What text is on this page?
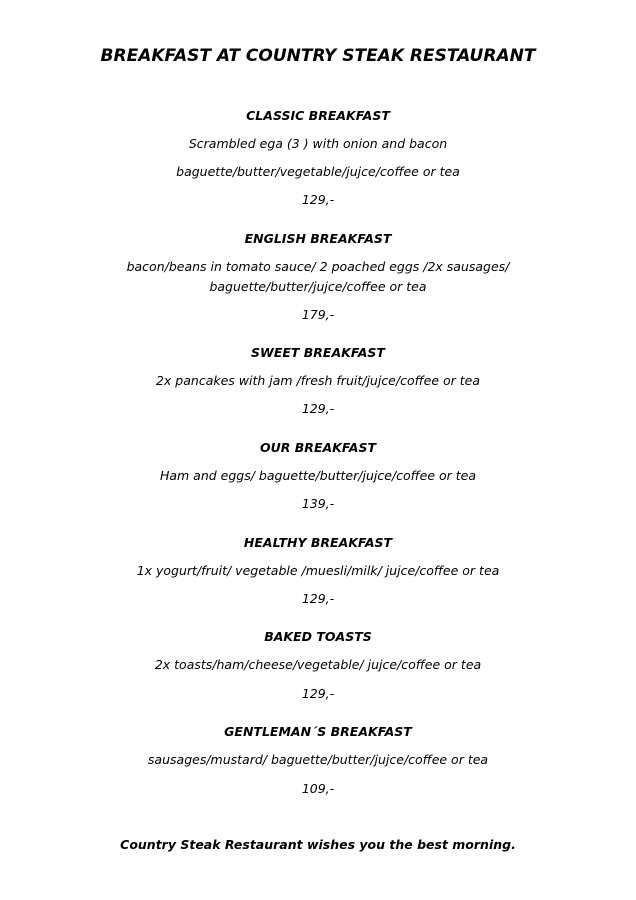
BREAKFAST AT COUNTRY STEAK RESTAURANT
CLASSIC BREAKFAST
Scrambled ega (3 ) with onion and bacon
baguette/butter/vegetable/jujce/coffee or tea
129,-
ENGLISH BREAKFAST
bacon/beans in tomato sauce/ 2 poached eggs /2x sausages/
baguette/butter/jujce/coffee or tea
179,-
SWEET BREAKFAST
2x pancakes with jam /fresh fruit/jujce/coffee or tea
129,-
OUR BREAKFAST
Ham and eggs/ baguette/butter/jujce/coffee or tea
139,-
HEALTHY BREAKFAST
1x yogurt/fruit/ vegetable /muesli/milk/ jujce/coffee or tea
129,-
BAKED TOASTS
2x toasts/ham/cheese/vegetable/ jujce/coffee or tea
129,-
GENTLEMAN´S BREAKFAST
sausages/mustard/ baguette/butter/jujce/coffee or tea
109,-
Country Steak Restaurant wishes you the best morning.
